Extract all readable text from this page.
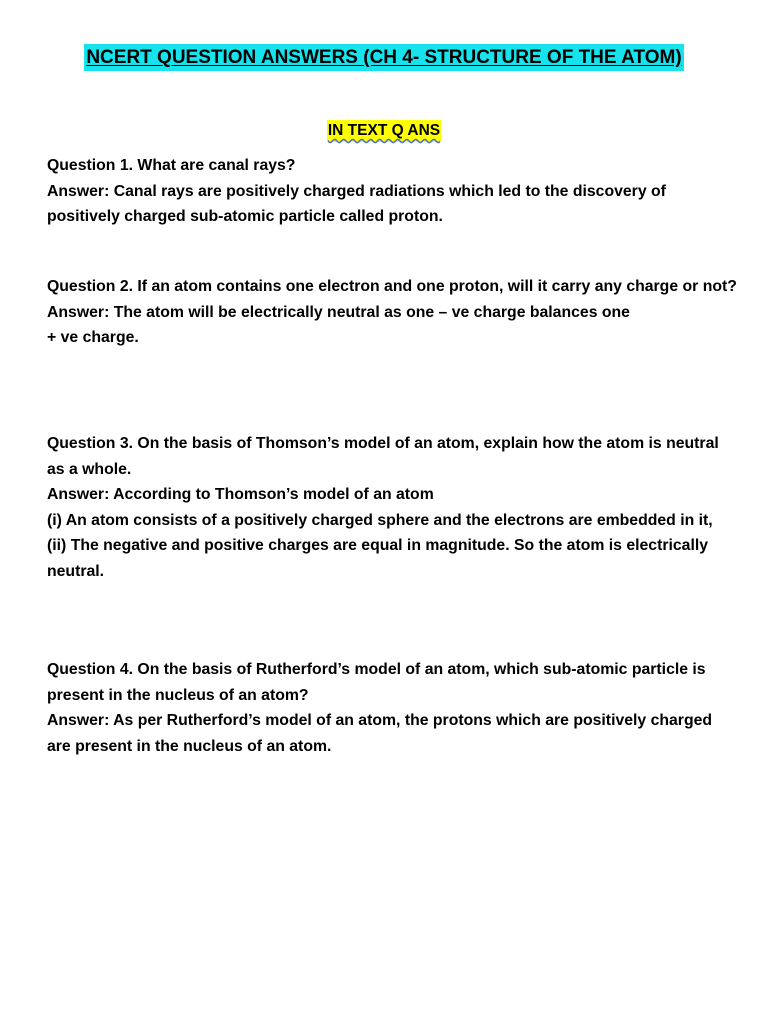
NCERT QUESTION ANSWERS (CH 4- STRUCTURE OF THE ATOM)
IN TEXT Q ANS

Question 1. What are canal rays?

Answer: Canal rays are positively charged radiations which led to the discovery of positively charged sub-atomic particle called proton.

Question 2. If an atom contains one electron and one proton, will it carry any charge or not?

Answer: The atom will be electrically neutral as one – ve charge balances one

+ ve charge.

Question 3. On the basis of Thomson’s model of an atom, explain how the atom is neutral as a whole.

Answer: According to Thomson’s model of an atom

(i) An atom consists of a positively charged sphere and the electrons are embedded in it,

(ii) The negative and positive charges are equal in magnitude. So the atom is electrically neutral.

Question 4. On the basis of Rutherford’s model of an atom, which sub-atomic particle is present in the nucleus of an atom?

Answer: As per Rutherford’s model of an atom, the protons which are positively charged are present in the nucleus of an atom.
